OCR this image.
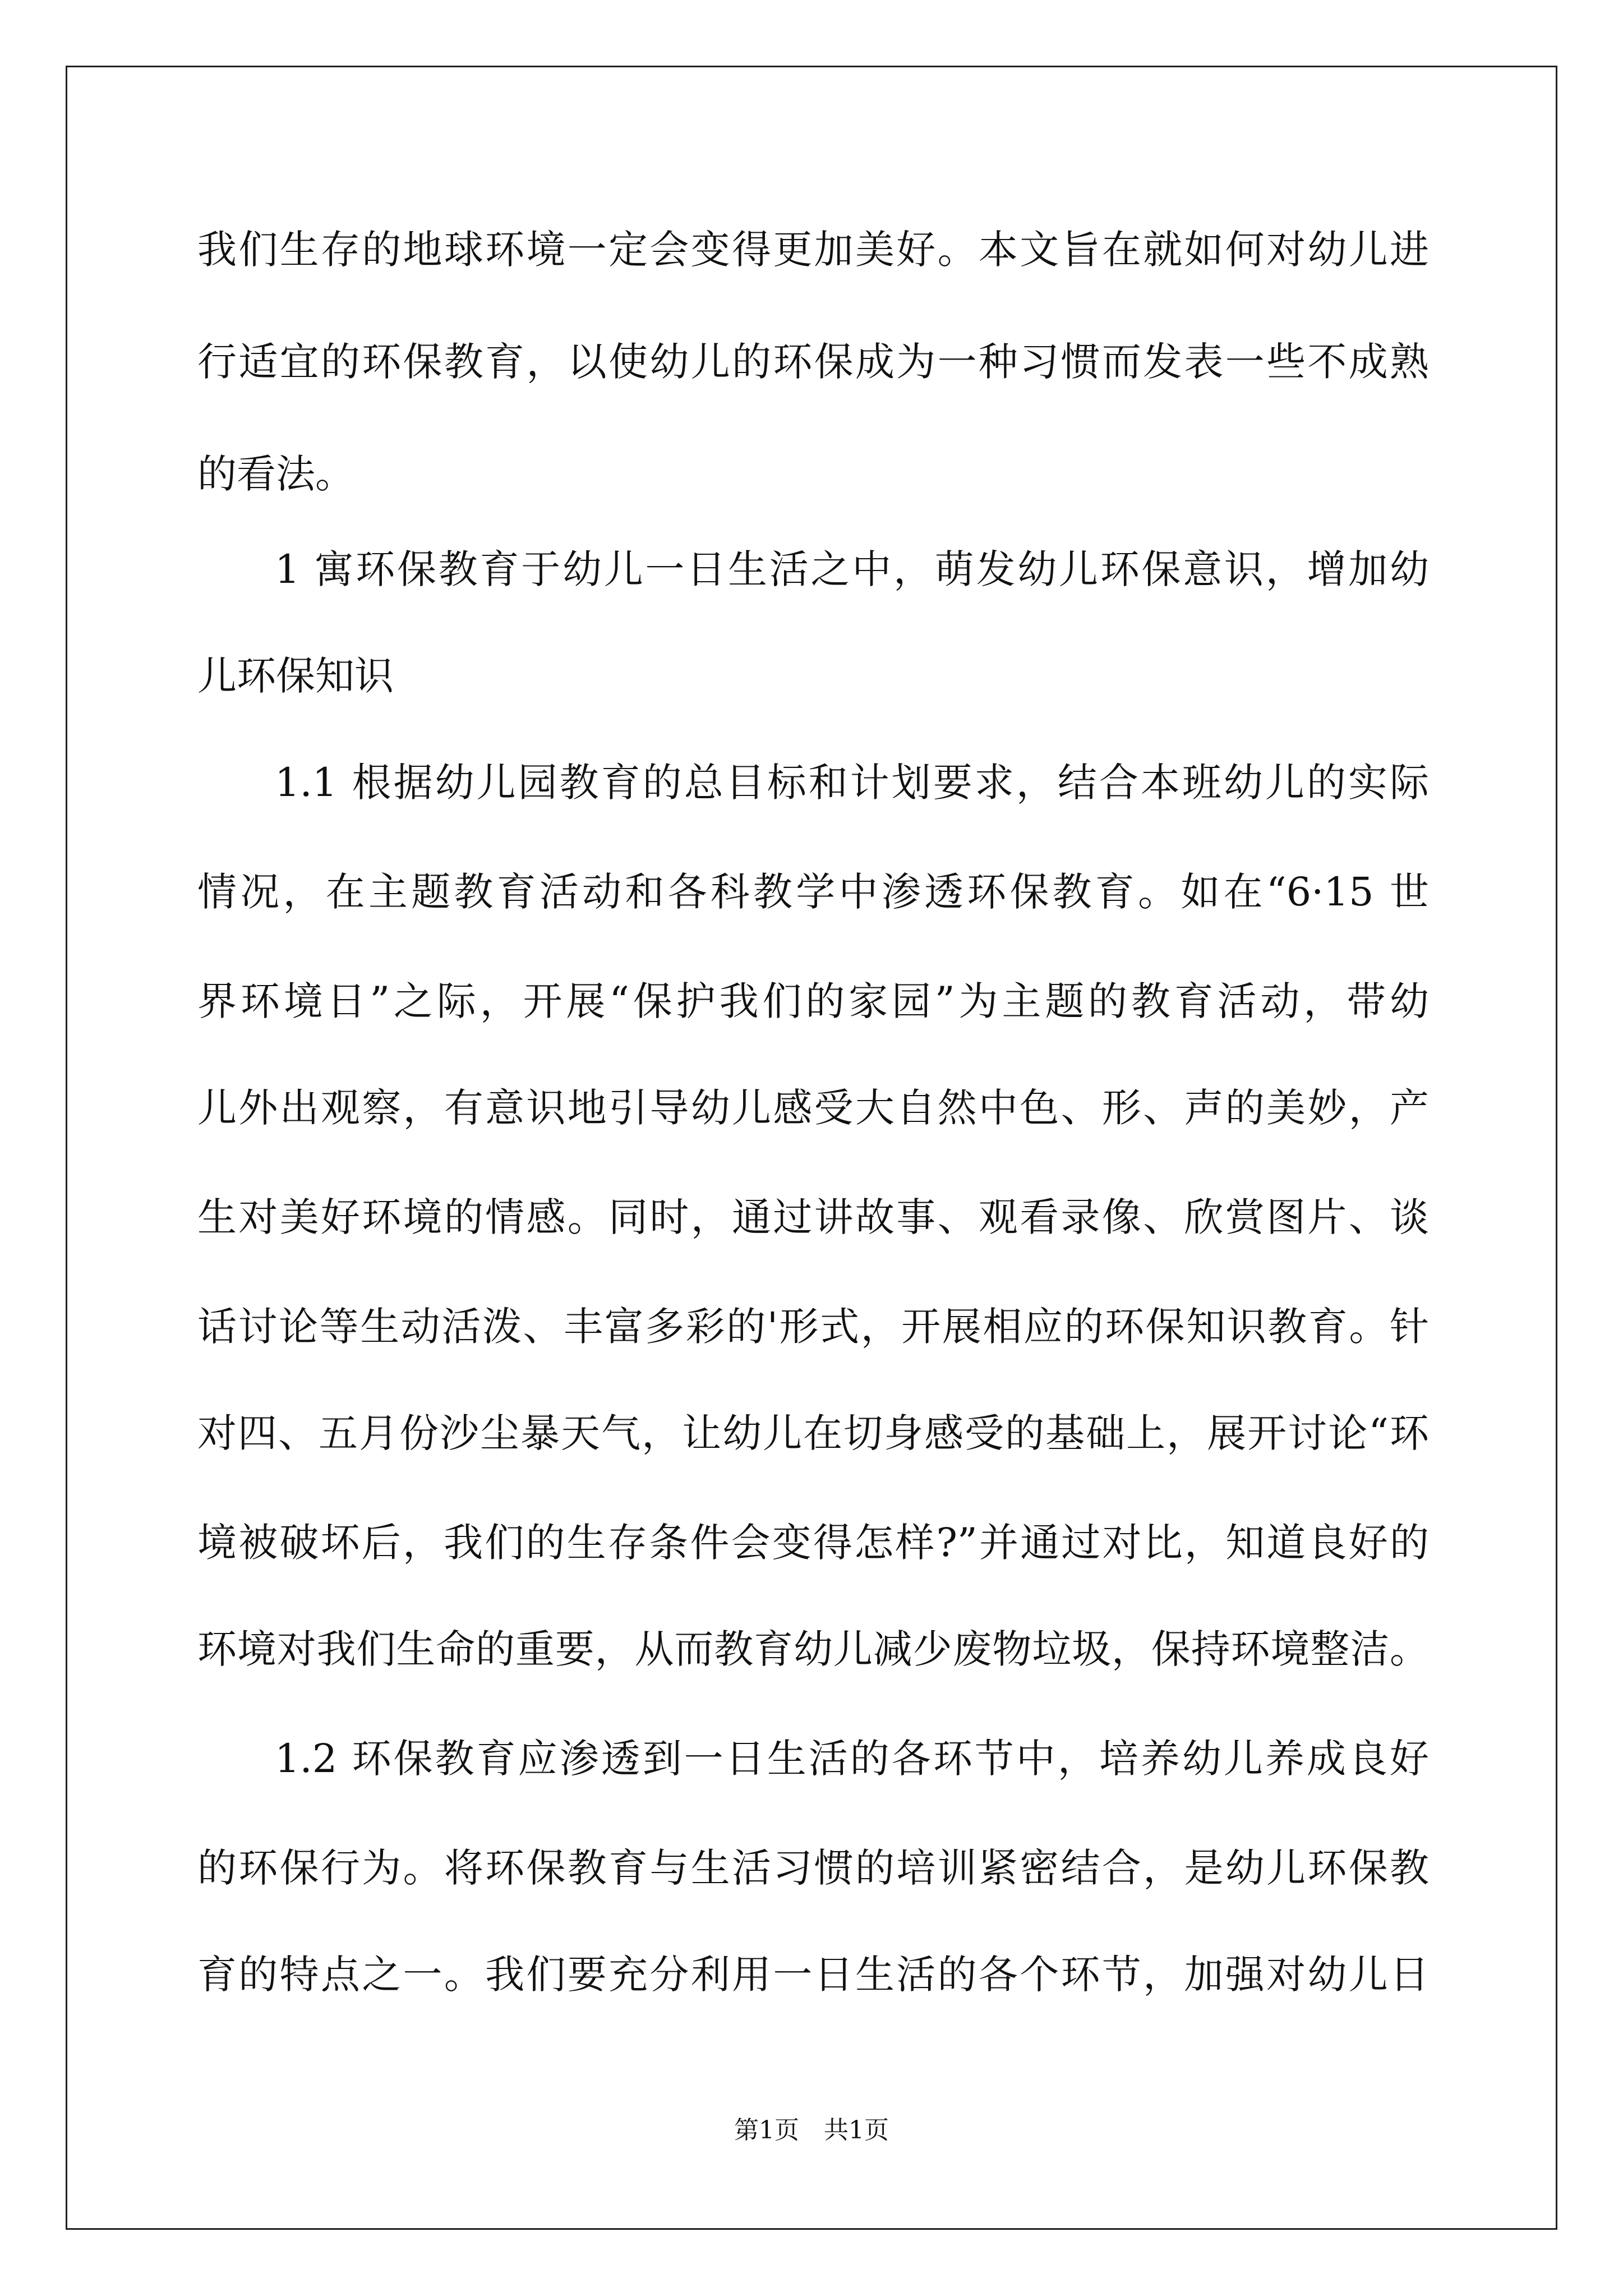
我们生存的地球环境一定会变得更加美好。本文旨在就如何对幼儿进

行适宜的环保教育，以使幼儿的环保成为一种习惯而发表一些不成熟

的看法。

1 寓环保教育于幼儿一日生活之中，萌发幼儿环保意识，增加幼

儿环保知识

1.1 根据幼儿园教育的总目标和计划要求，结合本班幼儿的实际

情况，在主题教育活动和各科教学中渗透环保教育。如在“6·15 世

界环境日”之际，开展“保护我们的家园”为主题的教育活动，带幼

儿外出观察，有意识地引导幼儿感受大自然中色、形、声的美妙，产

生对美好环境的情感。同时，通过讲故事、观看录像、欣赏图片、谈

话讨论等生动活泼、丰富多彩的'形式，开展相应的环保知识教育。针

对四、五月份沙尘暴天气，让幼儿在切身感受的基础上，展开讨论“环

境被破坏后，我们的生存条件会变得怎样?”并通过对比，知道良好的

环境对我们生命的重要，从而教育幼儿减少废物垃圾，保持环境整洁。

1.2 环保教育应渗透到一日生活的各环节中，培养幼儿养成良好

的环保行为。将环保教育与生活习惯的培训紧密结合，是幼儿环保教

育的特点之一。我们要充分利用一日生活的各个环节，加强对幼儿日

第1页　共1页
